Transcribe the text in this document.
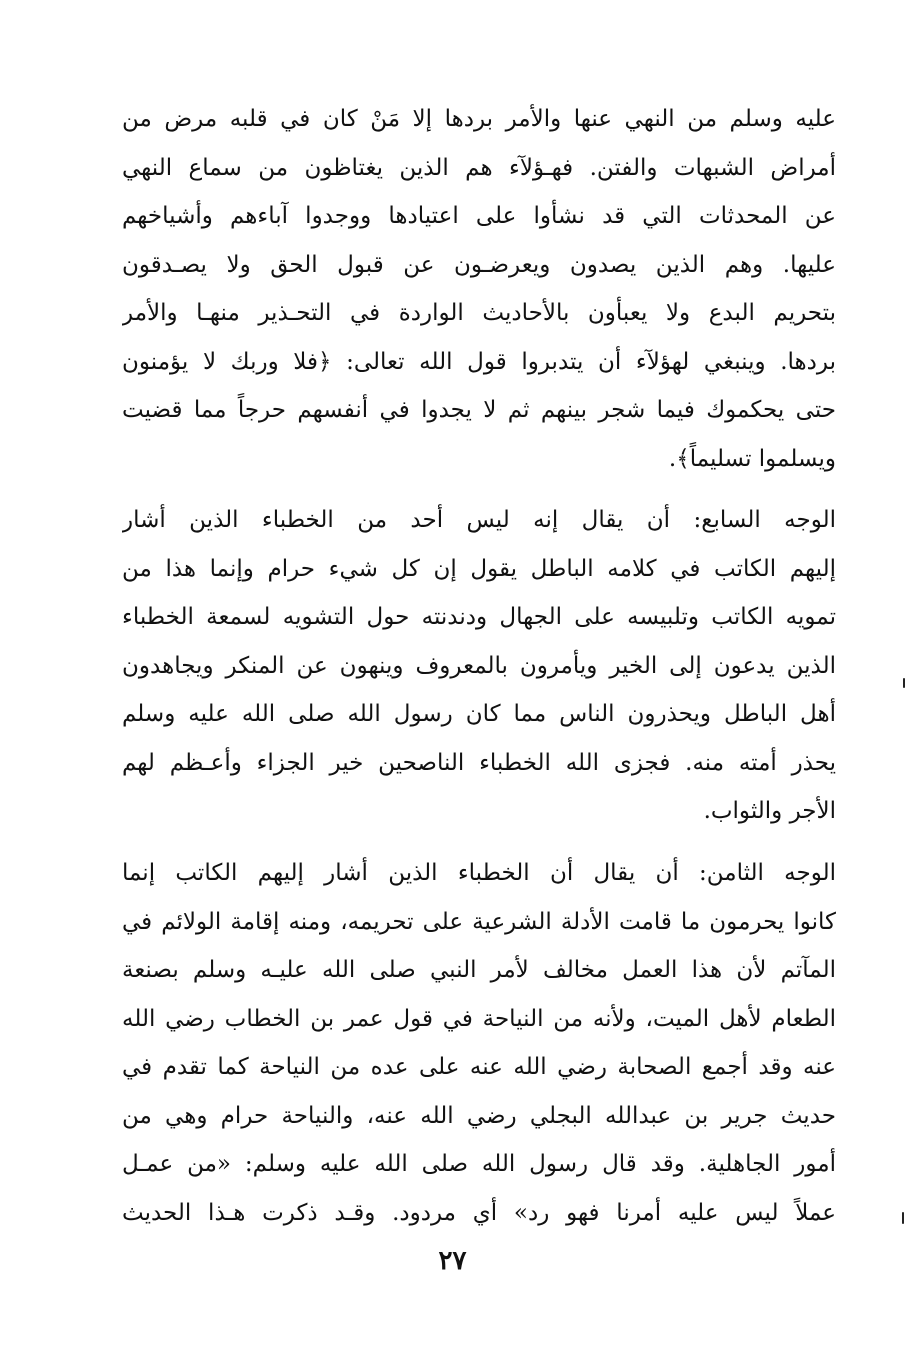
عليه وسلم من النهي عنها والأمر بردها إلا مَنْ كان في قلبه مرض من
أمراض الشبهات والفتن. فهـؤلآء هم الذين يغتاظون من سماع النهي
عن المحدثات التي قد نشأوا على اعتيادها ووجدوا آباءهم وأشياخهم
عليها. وهم الذين يصدون ويعرضـون عن قبول الحق ولا يصـدقون
بتحريم البدع ولا يعبأون بالأحاديث الواردة في التحـذير منهـا والأمر
بردها. وينبغي لهؤلآء أن يتدبروا قول الله تعالى: ﴿فلا وربك لا يؤمنون
حتى يحكموك فيما شجر بينهم ثم لا يجدوا في أنفسهم حرجاً مما قضيت
ويسلموا تسليماً﴾.
الوجه السابع: أن يقال إنه ليس أحد من الخطباء الذين أشار
إليهم الكاتب في كلامه الباطل يقول إن كل شيء حرام وإنما هذا من
تمويه الكاتب وتلبيسه على الجهال ودندنته حول التشويه لسمعة الخطباء
الذين يدعون إلى الخير ويأمرون بالمعروف وينهون عن المنكر ويجاهدون
أهل الباطل ويحذرون الناس مما كان رسول الله صلى الله عليه وسلم
يحذر أمته منه. فجزى الله الخطباء الناصحين خير الجزاء وأعـظم لهم
الأجر والثواب.
الوجه الثامن: أن يقال أن الخطباء الذين أشار إليهم الكاتب إنما
كانوا يحرمون ما قامت الأدلة الشرعية على تحريمه، ومنه إقامة الولائم في
المآتم لأن هذا العمل مخالف لأمر النبي صلى الله عليـه وسلم بصنعة
الطعام لأهل الميت، ولأنه من النياحة في قول عمر بن الخطاب رضي الله
عنه وقد أجمع الصحابة رضي الله عنه على عده من النياحة كما تقدم في
حديث جرير بن عبدالله البجلي رضي الله عنه، والنياحة حرام وهي من
أمور الجاهلية. وقد قال رسول الله صلى الله عليه وسلم: «من عمـل
عملاً ليس عليه أمرنا فهو رد» أي مردود. وقـد ذكرت هـذا الحديث
٢٧
